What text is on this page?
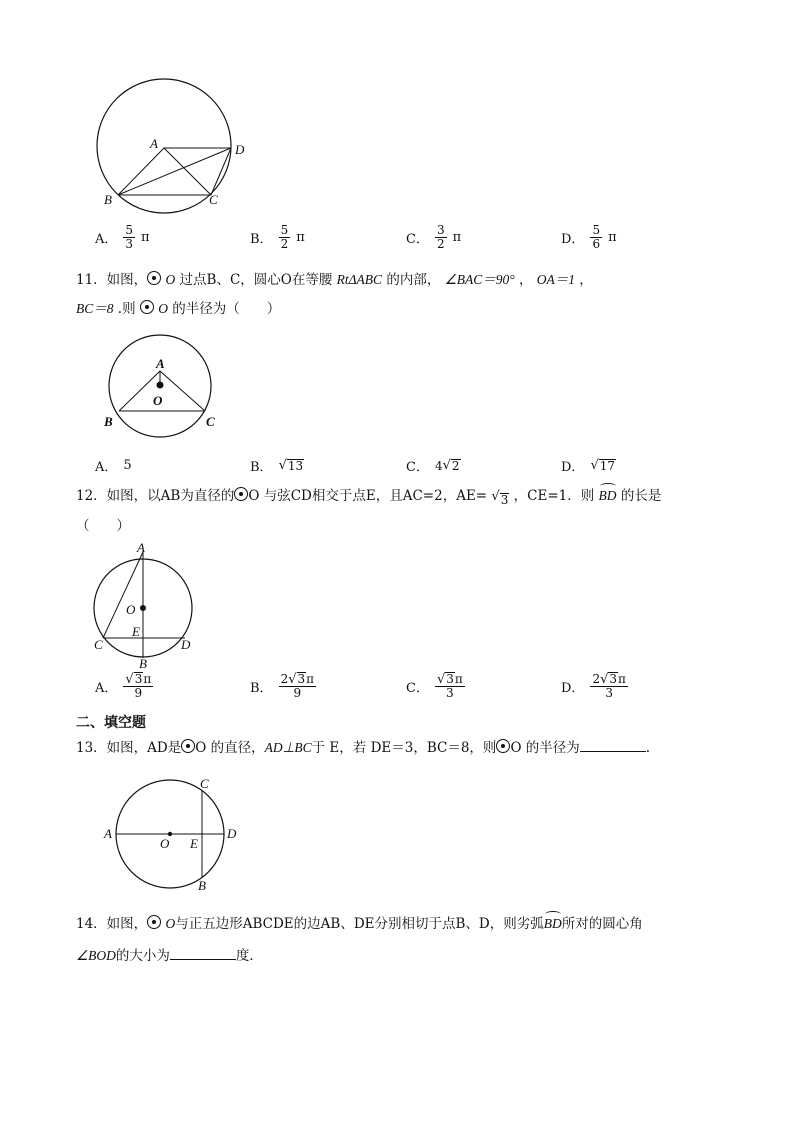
A	D
B	C
A． $\frac{5}{3}$ π	B． $\frac{5}{2}$ π	C． $\frac{3}{2}$ π	D． $\frac{5}{6}$ π
11．如图， O 过点B、C，圆心O在等腰 RtΔABC 的内部， ∠BAC＝90° ， OA＝1 ，
BC＝8 .则  O 的半径为（　　）
A
O
B	C
A． 5	B． √ 13	C． 4 √ 2	D． √ 17
12．如图，以AB为直径的 O 与弦CD相交于点E，且AC=2，AE= √ 3 ，CE=1．则 BD 的长是
（　　）
A
O
E
C	D
B
A． $\frac{√ 3 \pi}{9}$	B． $\frac{2 √ 3 \pi}{9}$	C． $\frac{√ 3 \pi}{3}$	D． $\frac{2 √ 3 \pi}{3}$
二、填空题
13．如图，AD是 O 的直径，AD⊥BC于 E，若 DE＝3，BC＝8，则 O 的半径为	.
A
O E
D
C
B
14．如图， O与正五边形ABCDE的边AB、DE分别相切于点B、D，则劣弧BD所对的圆心角
∠BOD的大小为	度．
